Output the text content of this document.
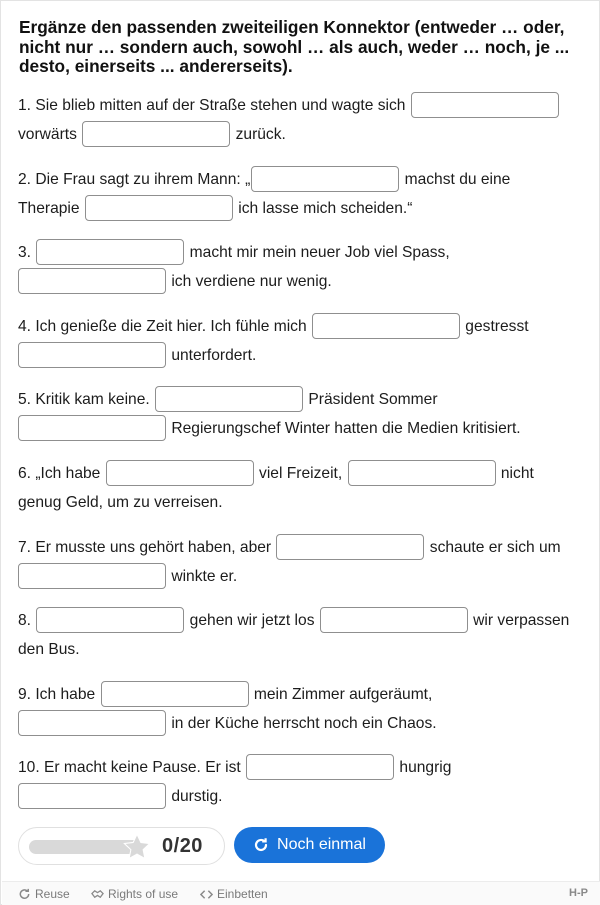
Ergänze den passenden zweiteiligen Konnektor (entweder … oder, nicht nur … sondern auch, sowohl … als auch, weder … noch, je ... desto, einerseits ... andererseits).
1. Sie blieb mitten auf der Straße stehen und wagte sich
vorwärts	zurück.
2. Die Frau sagt zu ihrem Mann: „	machst du eine
Therapie	ich lasse mich scheiden.“
3.	macht mir mein neuer Job viel Spass,
ich verdiene nur wenig.
4. Ich genieße die Zeit hier. Ich fühle mich	gestresst
unterfordert.
5. Kritik kam keine.	Präsident Sommer
Regierungschef Winter hatten die Medien kritisiert.
6. „Ich habe	viel Freizeit,	nicht
genug Geld, um zu verreisen.
7. Er musste uns gehört haben, aber	schaute er sich um
winkte er.
8.	gehen wir jetzt los	wir verpassen
den Bus.
9. Ich habe	mein Zimmer aufgeräumt,
in der Küche herrscht noch ein Chaos.
10. Er macht keine Pause. Er ist	hungrig
durstig.
0/20	Noch einmal
Reuse	Rights of use	Einbetten	H-P
